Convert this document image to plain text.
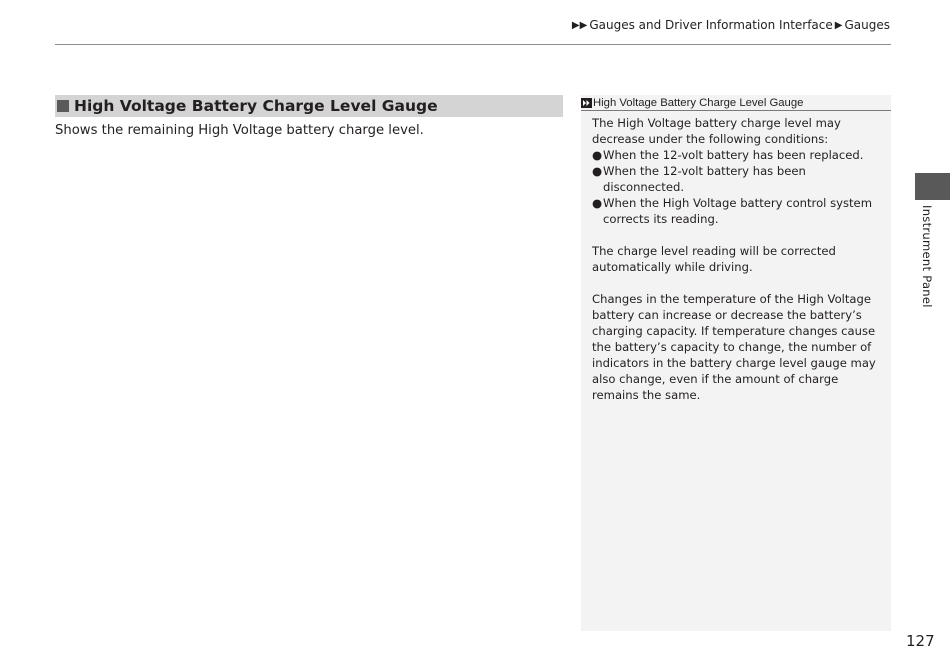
▶▶ Gauges and Driver Information Interface ▶ Gauges
High Voltage Battery Charge Level Gauge
Shows the remaining High Voltage battery charge level.
High Voltage Battery Charge Level Gauge

The High Voltage battery charge level may decrease under the following conditions:

● When the 12-volt battery has been replaced.
● When the 12-volt battery has been disconnected.
● When the High Voltage battery control system corrects its reading.

The charge level reading will be corrected automatically while driving.

Changes in the temperature of the High Voltage battery can increase or decrease the battery’s charging capacity. If temperature changes cause the battery’s capacity to change, the number of indicators in the battery charge level gauge may also change, even if the amount of charge remains the same.

Instrument Panel
127
